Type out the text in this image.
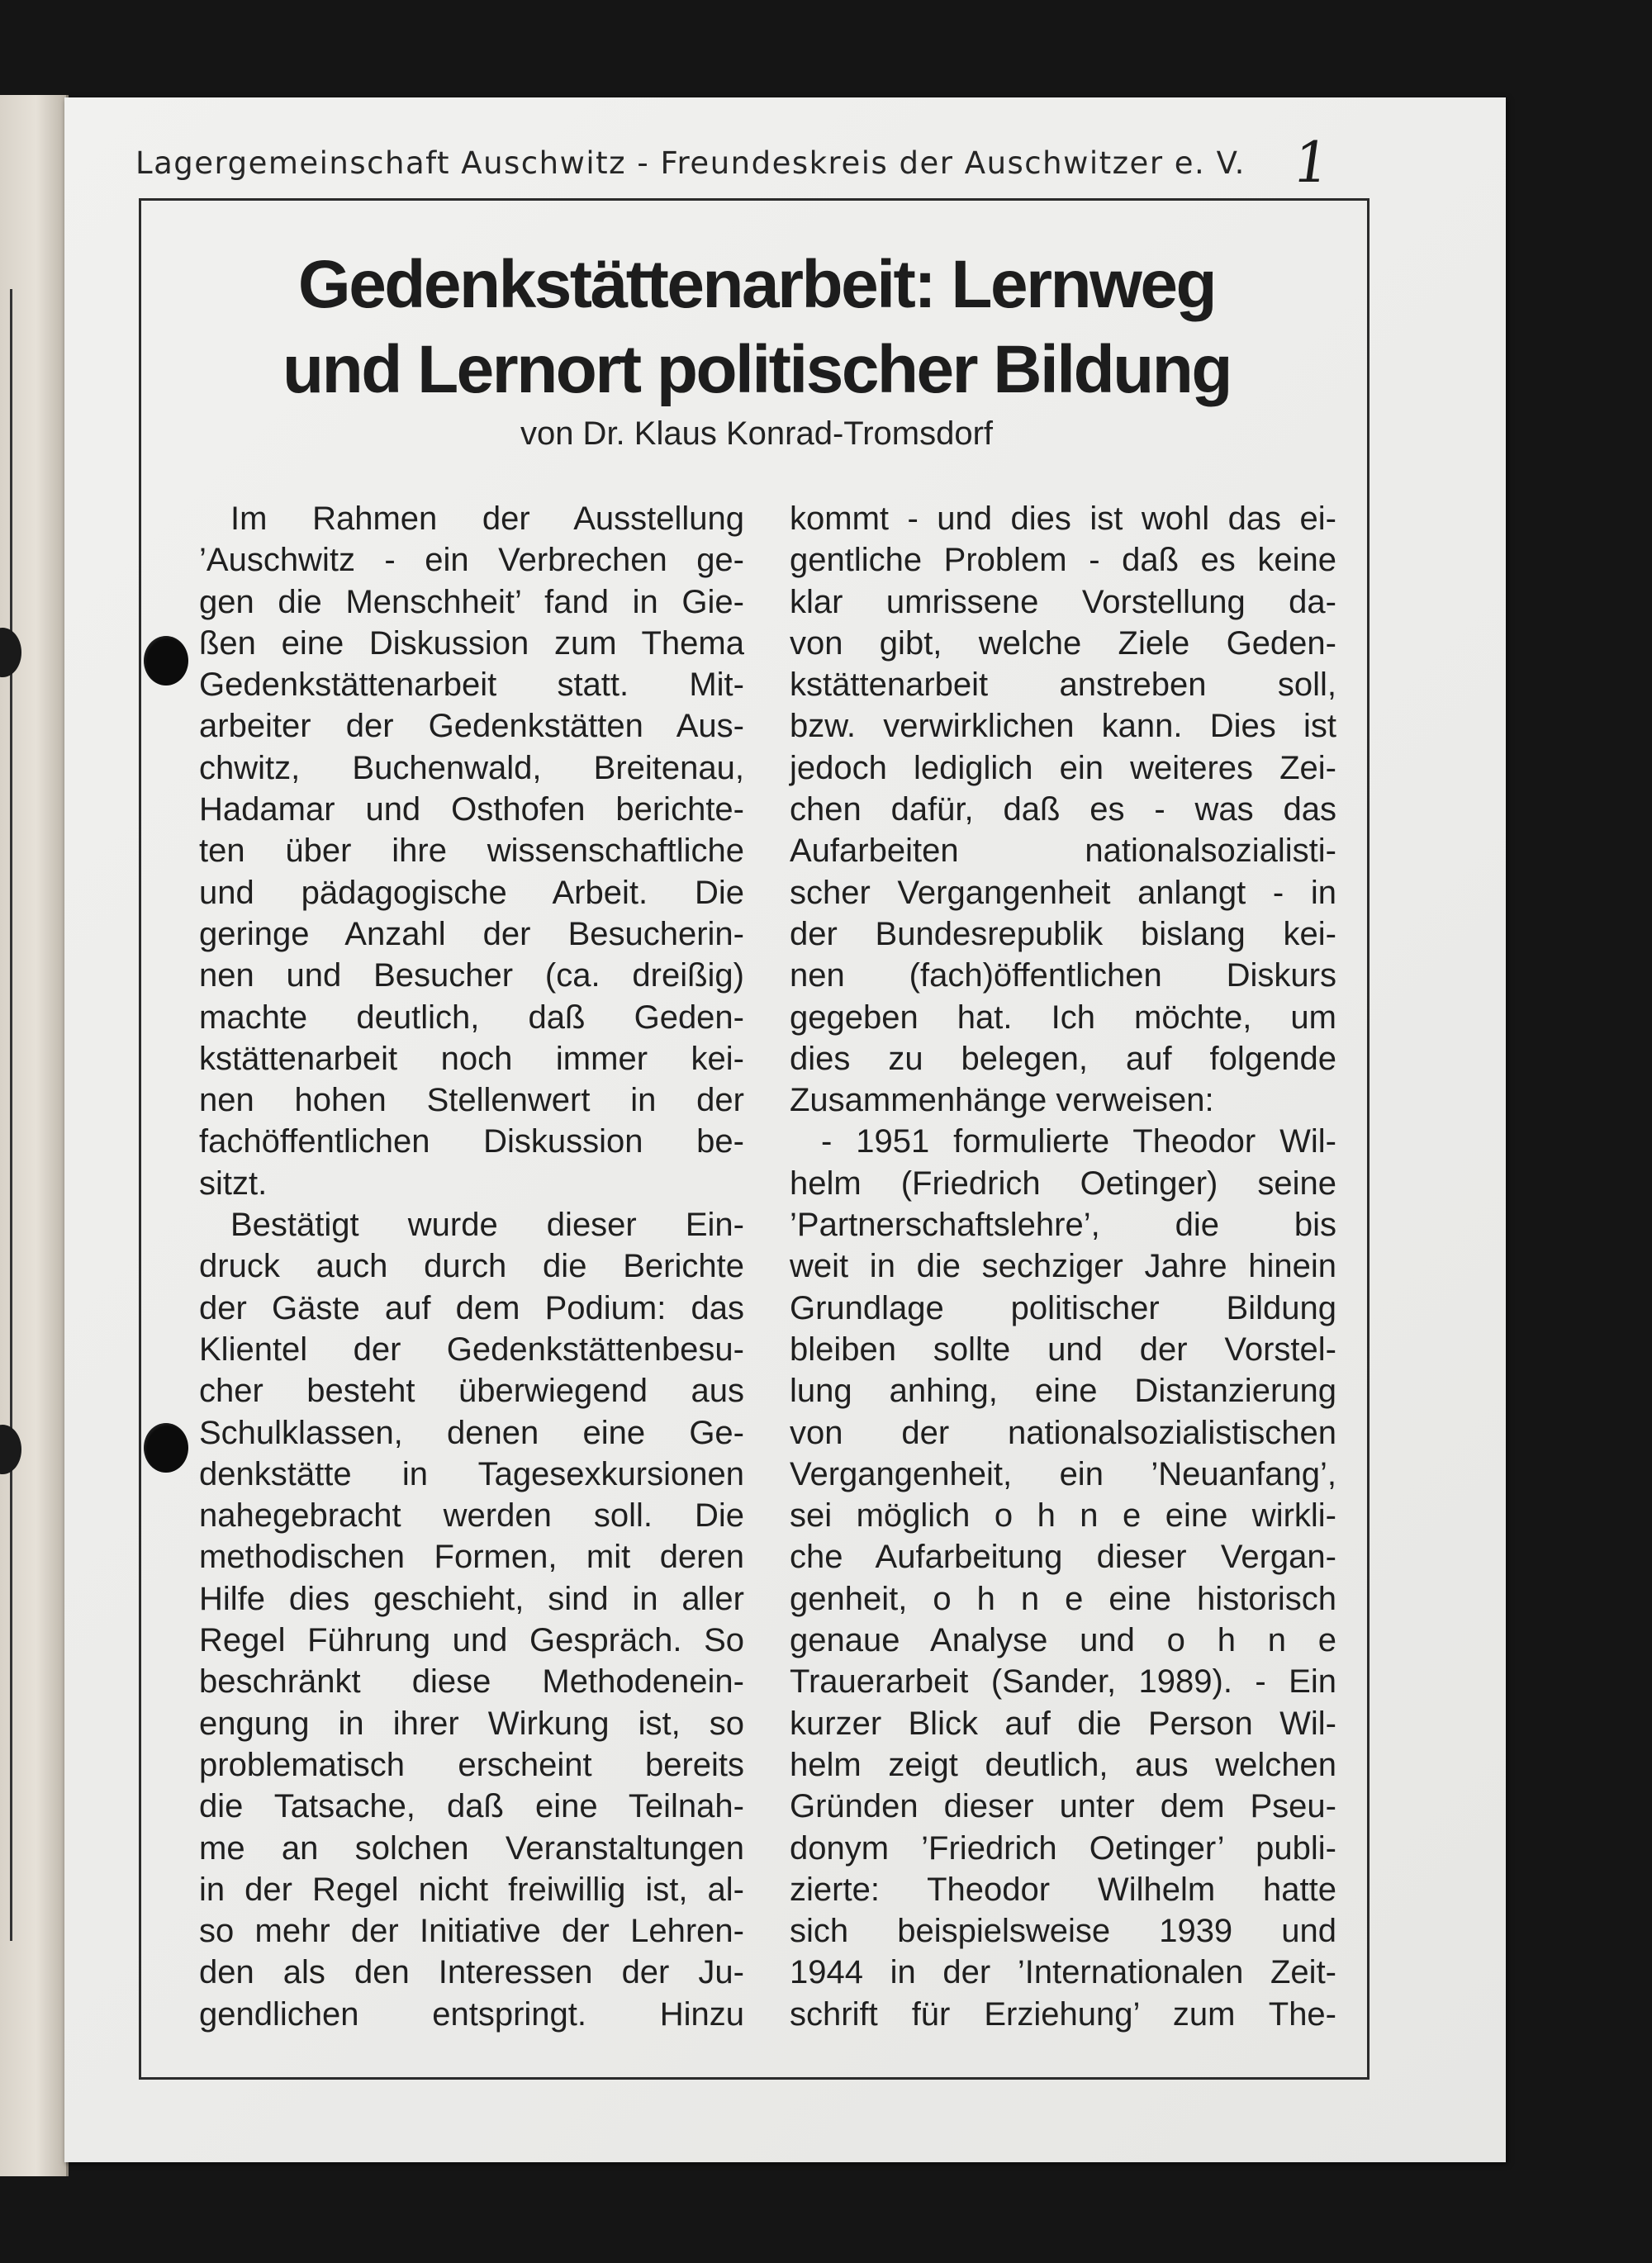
Lagergemeinschaft Auschwitz - Freundeskreis der Auschwitzer e. V. 1
Gedenkstättenarbeit: Lernweg
und Lernort politischer Bildung
von Dr. Klaus Konrad-Tromsdorf
Im Rahmen der Ausstellung
’Auschwitz - ein Verbrechen ge-
gen die Menschheit’ fand in Gie-
ßen eine Diskussion zum Thema
Gedenkstättenarbeit statt. Mit-
arbeiter der Gedenkstätten Aus-
chwitz, Buchenwald, Breitenau,
Hadamar und Osthofen berichte-
ten über ihre wissenschaftliche
und pädagogische Arbeit. Die
geringe Anzahl der Besucherin-
nen und Besucher (ca. dreißig)
machte deutlich, daß Geden-
kstättenarbeit noch immer kei-
nen hohen Stellenwert in der
fachöffentlichen Diskussion be-
sitzt.
Bestätigt wurde dieser Ein-
druck auch durch die Berichte
der Gäste auf dem Podium: das
Klientel der Gedenkstättenbesu-
cher besteht überwiegend aus
Schulklassen, denen eine Ge-
denkstätte in Tagesexkursionen
nahegebracht werden soll. Die
methodischen Formen, mit deren
Hilfe dies geschieht, sind in aller
Regel Führung und Gespräch. So
beschränkt diese Methodenein-
engung in ihrer Wirkung ist, so
problematisch erscheint bereits
die Tatsache, daß eine Teilnah-
me an solchen Veranstaltungen
in der Regel nicht freiwillig ist, al-
so mehr der Initiative der Lehren-
den als den Interessen der Ju-
gendlichen entspringt. Hinzu
kommt - und dies ist wohl das ei-
gentliche Problem - daß es keine
klar umrissene Vorstellung da-
von gibt, welche Ziele Geden-
kstättenarbeit anstreben soll,
bzw. verwirklichen kann. Dies ist
jedoch lediglich ein weiteres Zei-
chen dafür, daß es - was das
Aufarbeiten nationalsozialisti-
scher Vergangenheit anlangt - in
der Bundesrepublik bislang kei-
nen (fach)öffentlichen Diskurs
gegeben hat. Ich möchte, um
dies zu belegen, auf folgende
Zusammenhänge verweisen:
- 1951 formulierte Theodor Wil-
helm (Friedrich Oetinger) seine
’Partnerschaftslehre’, die bis
weit in die sechziger Jahre hinein
Grundlage politischer Bildung
bleiben sollte und der Vorstel-
lung anhing, eine Distanzierung
von der nationalsozialistischen
Vergangenheit, ein ’Neuanfang’,
sei möglich o h n e eine wirkli-
che Aufarbeitung dieser Vergan-
genheit, o h n e eine historisch
genaue Analyse und o h n e
Trauerarbeit (Sander, 1989). - Ein
kurzer Blick auf die Person Wil-
helm zeigt deutlich, aus welchen
Gründen dieser unter dem Pseu-
donym ’Friedrich Oetinger’ publi-
zierte: Theodor Wilhelm hatte
sich beispielsweise 1939 und
1944 in der ’Internationalen Zeit-
schrift für Erziehung’ zum The-
